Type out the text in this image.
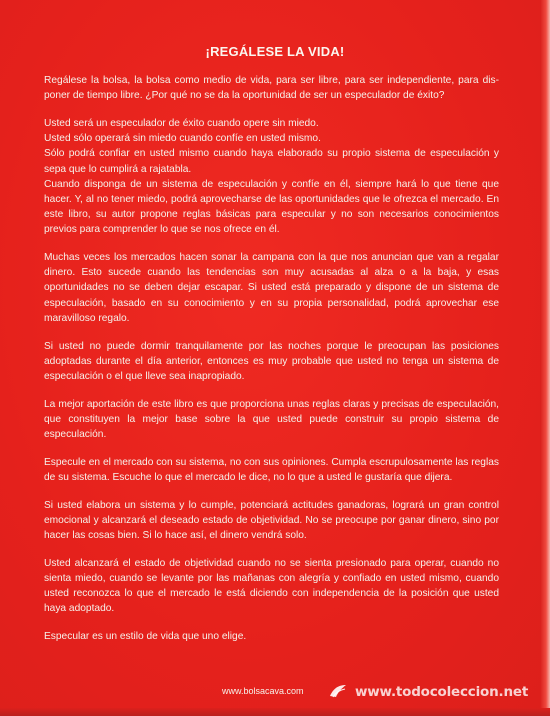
¡REGÁLESE LA VIDA!

Regálese la bolsa, la bolsa como medio de vida, para ser libre, para ser independiente, para dis-poner de tiempo libre. ¿Por qué no se da la oportunidad de ser un especulador de éxito?

Usted será un especulador de éxito cuando opere sin miedo.
Usted sólo operará sin miedo cuando confíe en usted mismo.
Sólo podrá confiar en usted mismo cuando haya elaborado su propio sistema de especulación y sepa que lo cumplirá a rajatabla.
Cuando disponga de un sistema de especulación y confíe en él, siempre hará lo que tiene que hacer. Y, al no tener miedo, podrá aprovecharse de las oportunidades que le ofrezca el mercado. En este libro, su autor propone reglas básicas para especular y no son necesarios conocimientos previos para comprender lo que se nos ofrece en él.

Muchas veces los mercados hacen sonar la campana con la que nos anuncian que van a regalar dinero. Esto sucede cuando las tendencias son muy acusadas al alza o a la baja, y esas oportunidades no se deben dejar escapar. Si usted está preparado y dispone de un sistema de especulación, basado en su conocimiento y en su propia personalidad, podrá aprovechar ese maravilloso regalo.

Si usted no puede dormir tranquilamente por las noches porque le preocupan las posiciones adoptadas durante el día anterior, entonces es muy probable que usted no tenga un sistema de especulación o el que lleve sea inapropiado.

La mejor aportación de este libro es que proporciona unas reglas claras y precisas de especulación, que constituyen la mejor base sobre la que usted puede construir su propio sistema de especulación.

Especule en el mercado con su sistema, no con sus opiniones. Cumpla escrupulosamente las reglas de su sistema. Escuche lo que el mercado le dice, no lo que a usted le gustaría que dijera.

Si usted elabora un sistema y lo cumple, potenciará actitudes ganadoras, logrará un gran control emocional y alcanzará el deseado estado de objetividad. No se preocupe por ganar dinero, sino por hacer las cosas bien. Si lo hace así, el dinero vendrá solo.

Usted alcanzará el estado de objetividad cuando no se sienta presionado para operar, cuando no sienta miedo, cuando se levante por las mañanas con alegría y confiado en usted mismo, cuando usted reconozca lo que el mercado le está diciendo con independencia de la posición que usted haya adoptado.

Especular es un estilo de vida que uno elige.

www.bolsacava.com	www.todocoleccion.net
